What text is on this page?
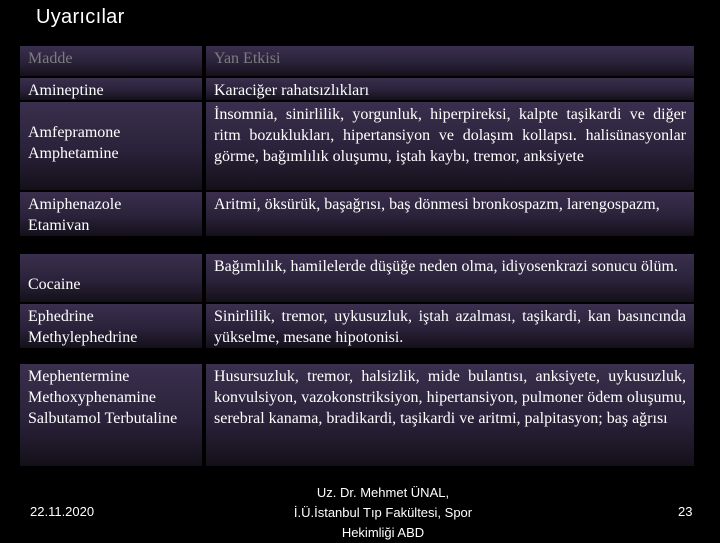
Uyarıcılar
Madde	Yan Etkisi
Amineptine	Karaciğer rahatsızlıkları
Amfepramone Amphetamine
İnsomnia, sinirlilik, yorgunluk, hiperpireksi, kalpte taşikardi ve diğer ritm bozuklukları, hipertansiyon ve dolaşım kollapsı. halisünasyonlar görme, bağımlılık oluşumu, iştah kaybı, tremor, anksiyete
Amiphenazole Etamivan
Aritmi, öksürük, başağrısı, baş dönmesi bronkospazm, larengospazm,
Cocaine
Bağımlılık, hamilelerde düşüğe neden olma, idiyosenkrazi sonucu ölüm.
Ephedrine Methylephedrine
Sinirlilik, tremor, uykusuzluk, iştah azalması, taşikardi, kan basıncında yükselme, mesane hipotonisi.
Mephentermine Methoxyphenamine Salbutamol Terbutaline
Husursuzluk, tremor, halsizlik, mide bulantısı, anksiyete, uykusuzluk, konvulsiyon, vazokonstriksiyon, hipertansiyon, pulmoner ödem oluşumu, serebral kanama, bradikardi, taşikardi ve aritmi, palpitasyon; baş ağrısı
22.11.2020
Uz. Dr. Mehmet ÜNAL,
İ.Ü.İstanbul Tıp Fakültesi, Spor
Hekimliği ABD
23
